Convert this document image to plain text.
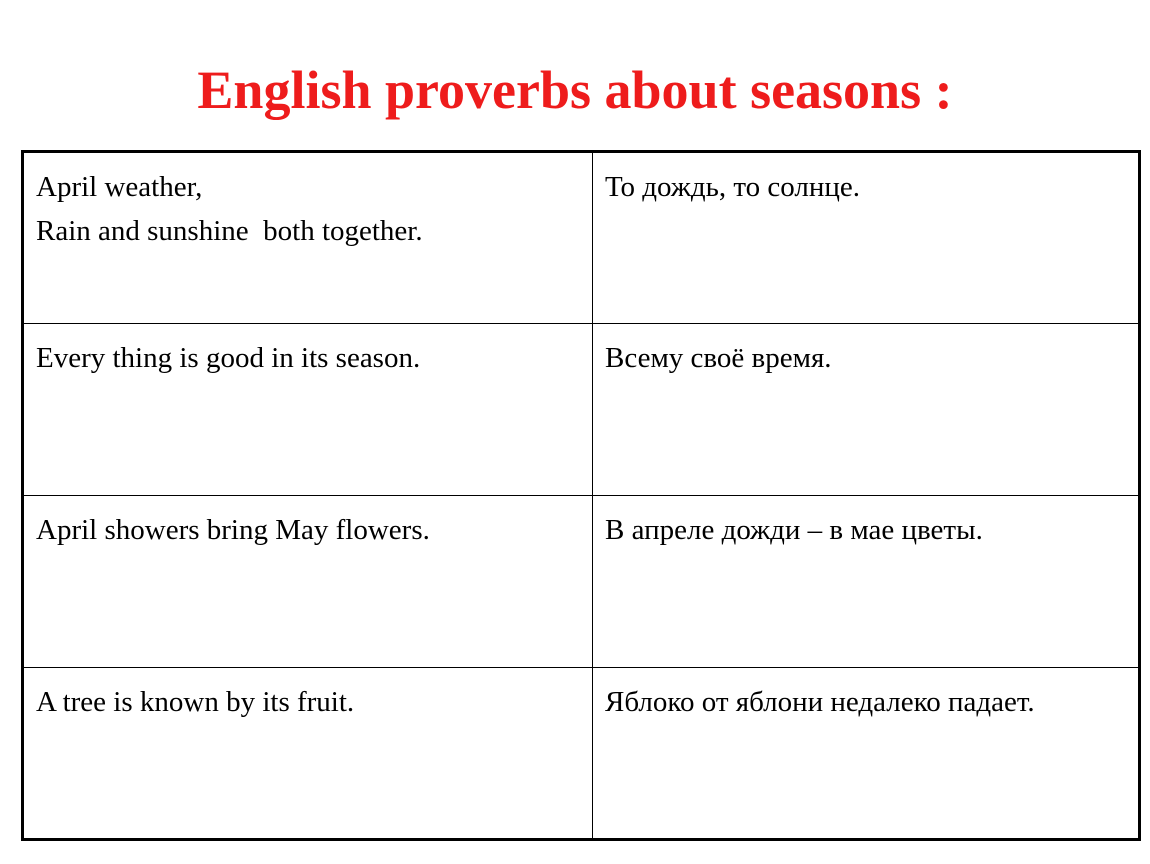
English proverbs about seasons :
April weather,
Rain and sunshine  both together.	То дождь, то солнце.

Every thing is good in its season.	Всему своё время.

April showers bring May flowers.	В апреле дожди – в мае цветы.

A tree is known by its fruit.	Яблоко от яблони недалеко падает.
